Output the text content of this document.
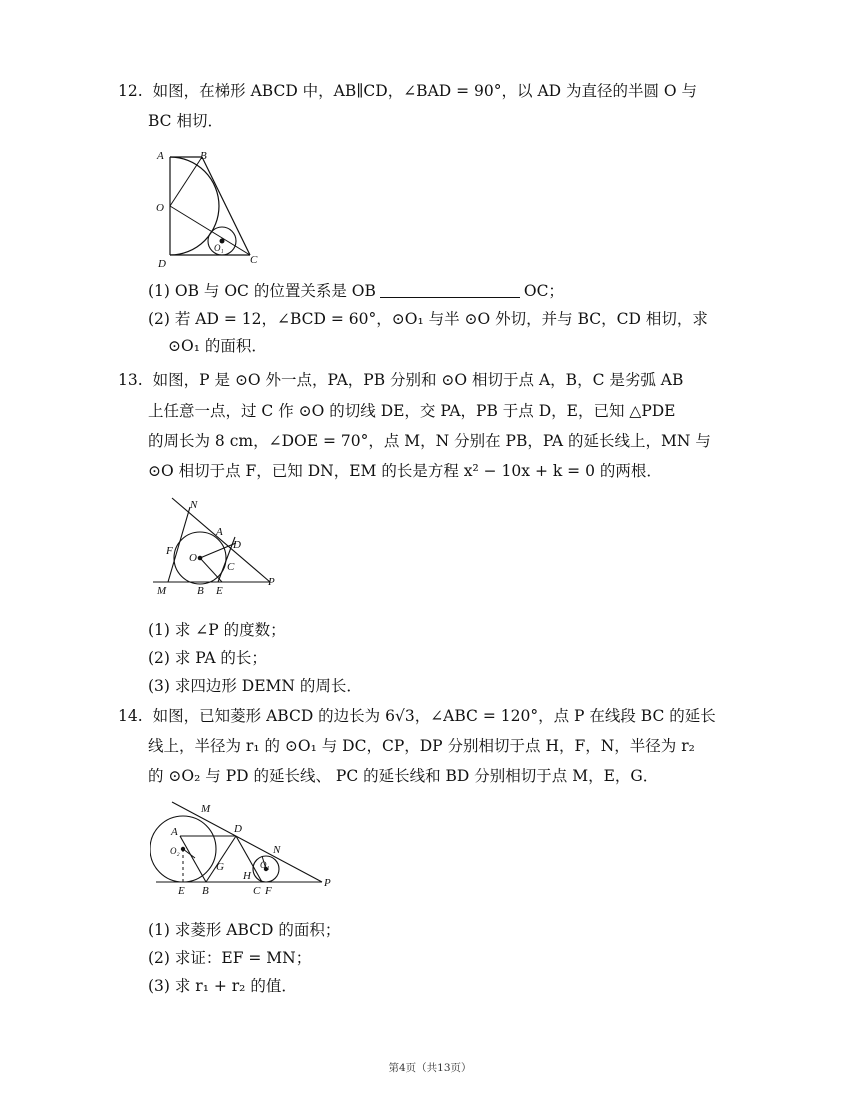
12. 如图，在梯形 ABCD 中，AB∥CD，∠BAD = 90°，以 AD 为直径的半圆 O 与
BC 相切．
A	B
O
O₁
D	C
(1) OB 与 OC 的位置关系是 OB	OC；
(2) 若 AD = 12，∠BCD = 60°，⊙O₁ 与半 ⊙O 外切，并与 BC，CD 相切，求
⊙O₁ 的面积．
13. 如图，P 是 ⊙O 外一点，PA，PB 分别和 ⊙O 相切于点 A，B，C 是劣弧 AB
上任意一点，过 C 作 ⊙O 的切线 DE，交 PA，PB 于点 D，E，已知 △PDE
的周长为 8 cm，∠DOE = 70°，点 M，N 分别在 PB，PA 的延长线上，MN 与
⊙O 相切于点 F，已知 DN，EM 的长是方程 x² − 10x + k = 0 的两根．
N
A
D
F
O
C
P
M	B E
(1) 求 ∠P 的度数；
(2) 求 PA 的长；
(3) 求四边形 DEMN 的周长．
14. 如图，已知菱形 ABCD 的边长为 6√3，∠ABC = 120°，点 P 在线段 BC 的延长
线上，半径为 r₁ 的 ⊙O₁ 与 DC，CP，DP 分别相切于点 H，F，N，半径为 r₂
的 ⊙O₂ 与 PD 的延长线、 PC 的延长线和 BD 分别相切于点 M，E，G．
M
A	D
N
O₂
G	O₁
H
E B	C F
P
(1) 求菱形 ABCD 的面积；
(2) 求证：EF = MN；
(3) 求 r₁ + r₂ 的值．
第4页（共13页）
